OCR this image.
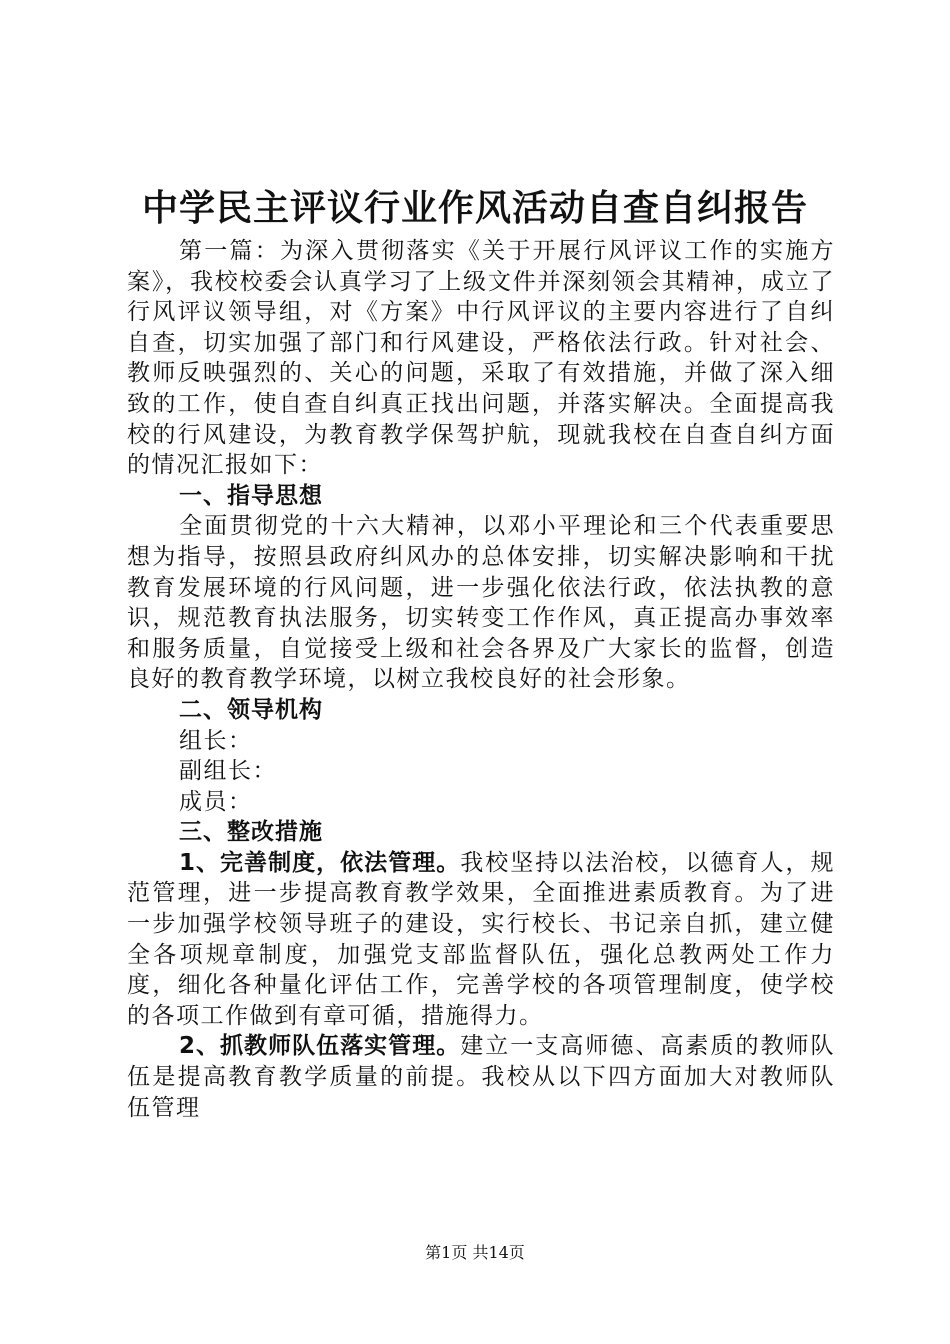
中学民主评议行业作风活动自查自纠报告

第一篇：为深入贯彻落实《关于开展行风评议工作的实施方案》，我校校委会认真学习了上级文件并深刻领会其精神，成立了行风评议领导组，对《方案》中行风评议的主要内容进行了自纠自查，切实加强了部门和行风建设，严格依法行政。针对社会、教师反映强烈的、关心的问题，采取了有效措施，并做了深入细致的工作，使自查自纠真正找出问题，并落实解决。全面提高我校的行风建设，为教育教学保驾护航，现就我校在自查自纠方面的情况汇报如下：

一、指导思想

全面贯彻党的十六大精神，以邓小平理论和三个代表重要思想为指导，按照县政府纠风办的总体安排，切实解决影响和干扰教育发展环境的行风问题，进一步强化依法行政，依法执教的意识，规范教育执法服务，切实转变工作作风，真正提高办事效率和服务质量，自觉接受上级和社会各界及广大家长的监督，创造良好的教育教学环境，以树立我校良好的社会形象。

二、领导机构

组长：

副组长：

成员：

三、整改措施

1、完善制度，依法管理。我校坚持以法治校，以德育人，规范管理，进一步提高教育教学效果，全面推进素质教育。为了进一步加强学校领导班子的建设，实行校长、书记亲自抓，建立健全各项规章制度，加强党支部监督队伍，强化总教两处工作力度，细化各种量化评估工作，完善学校的各项管理制度，使学校的各项工作做到有章可循，措施得力。

2、抓教师队伍落实管理。建立一支高师德、高素质的教师队伍是提高教育教学质量的前提。我校从以下四方面加大对教师队伍管理

第1页 共14页
